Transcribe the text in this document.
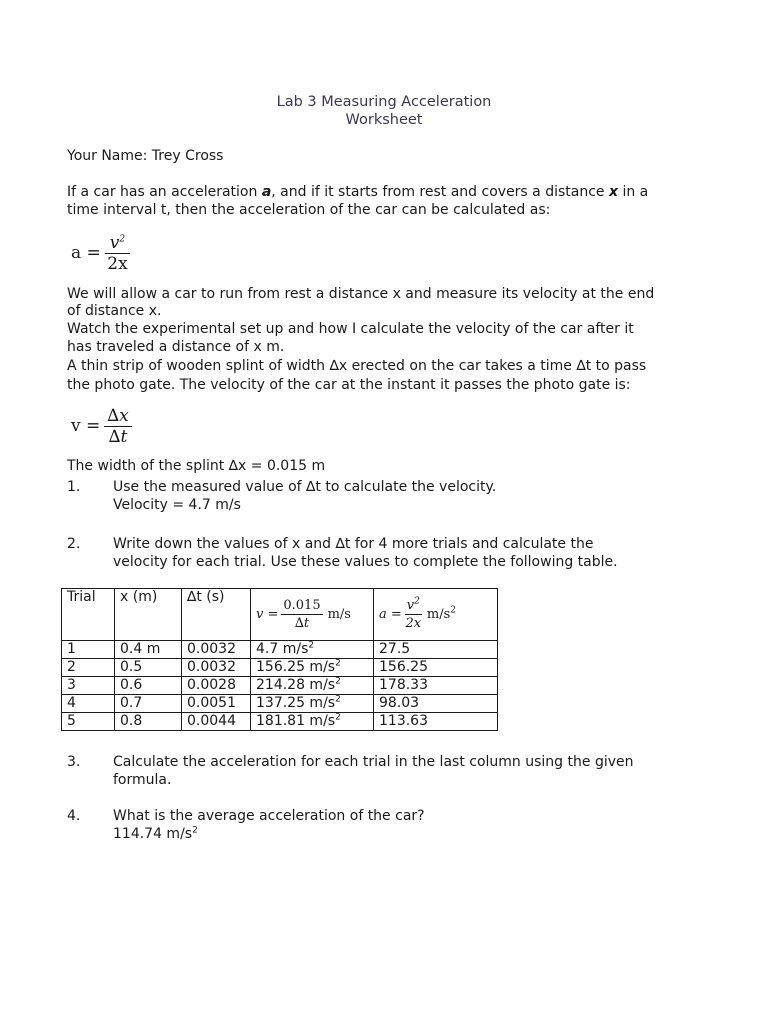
Lab 3 Measuring Acceleration
Worksheet
Your Name: Trey Cross
If a car has an acceleration a, and if it starts from rest and covers a distance x in a
time interval t, then the acceleration of the car can be calculated as:
$a = \frac{v^2}{2x}$
We will allow a car to run from rest a distance x and measure its velocity at the end
of distance x.
Watch the experimental set up and how I calculate the velocity of the car after it
has traveled a distance of x m.
A thin strip of wooden splint of width ∆x erected on the car takes a time ∆t to pass
the photo gate. The velocity of the car at the instant it passes the photo gate is:
$v = \frac{\Delta x}{\Delta t}$
The width of the splint ∆x = 0.015 m
1. Use the measured value of ∆t to calculate the velocity.
Velocity = 4.7 m/s
2. Write down the values of x and ∆t for 4 more trials and calculate the
velocity for each trial. Use these values to complete the following table.
Trial	x (m)	∆t (s)	$v = \frac{0.015}{\Delta t} m/s$	$a = \frac{v^2}{2x} m/s^2$

1	0.4 m	0.0032	4.7 $m/s^2$	27.5
2	0.5	0.0032	156.25 $m/s^2$	156.25
3	0.6	0.0028	214.28 $m/s^2$	178.33
4	0.7	0.0051	137.25 $m/s^2$	98.03
5	0.8	0.0044	181.81 $m/s^2$	113.63
3. Calculate the acceleration for each trial in the last column using the given
formula.
4. What is the average acceleration of the car?
114.74 $m/s^2$
